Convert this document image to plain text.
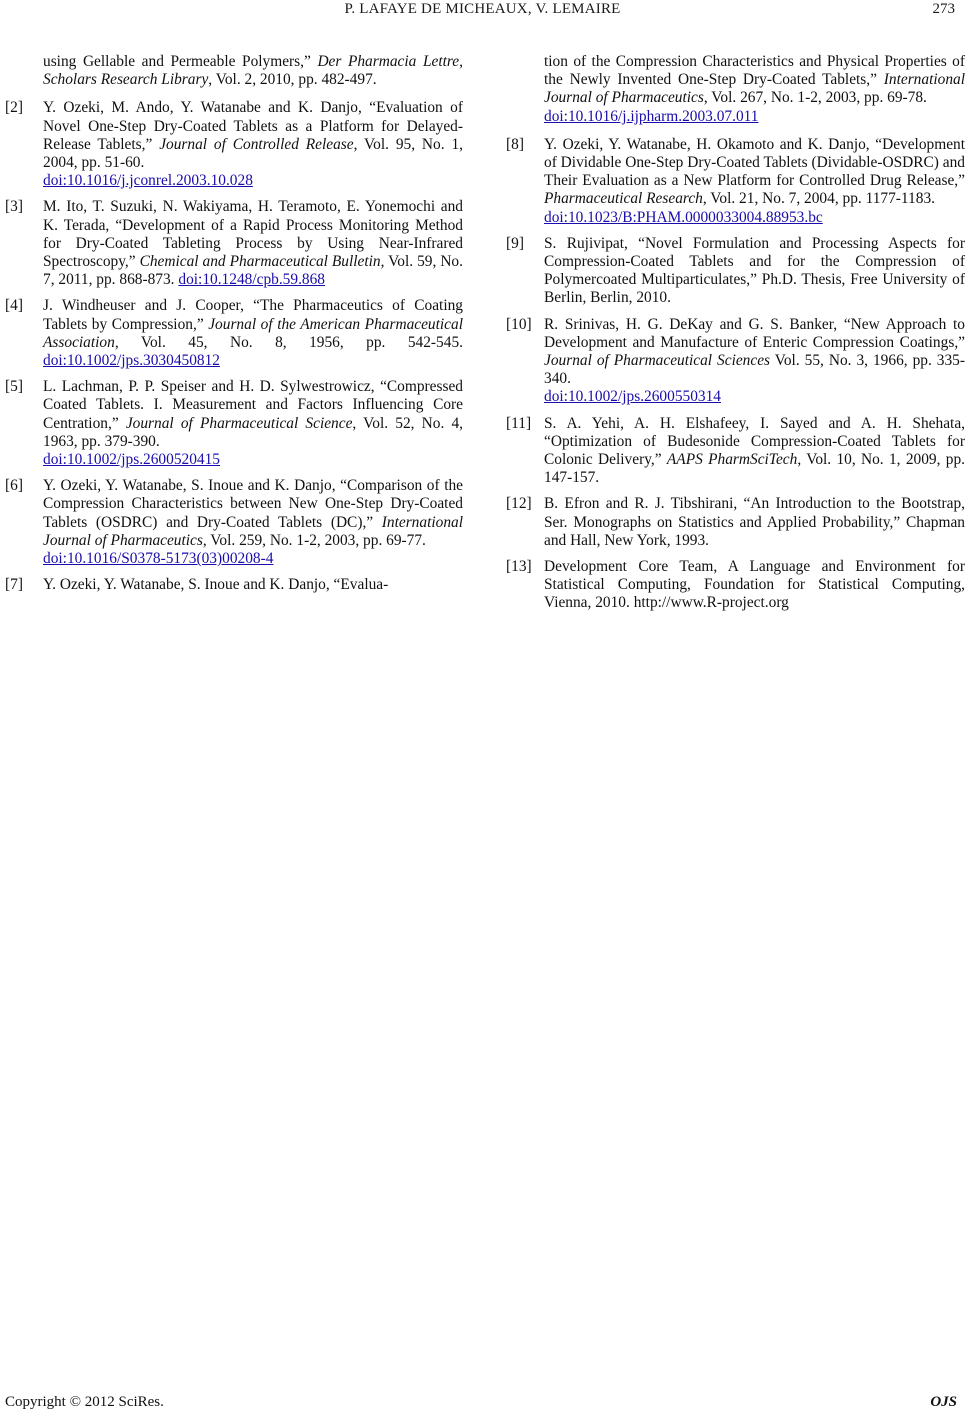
P. LAFAYE DE MICHEAUX, V. LEMAIRE	273
using Gellable and Permeable Polymers,” Der Pharmacia Lettre, Scholars Research Library, Vol. 2, 2010, pp. 482-497.
[2] Y. Ozeki, M. Ando, Y. Watanabe and K. Danjo, “Evaluation of Novel One-Step Dry-Coated Tablets as a Platform for Delayed-Release Tablets,” Journal of Controlled Release, Vol. 95, No. 1, 2004, pp. 51-60.
doi:10.1016/j.jconrel.2003.10.028
[3] M. Ito, T. Suzuki, N. Wakiyama, H. Teramoto, E. Yonemochi and K. Terada, “Development of a Rapid Process Monitoring Method for Dry-Coated Tableting Process by Using Near-Infrared Spectroscopy,” Chemical and Pharmaceutical Bulletin, Vol. 59, No. 7, 2011, pp. 868-873. doi:10.1248/cpb.59.868
[4] J. Windheuser and J. Cooper, “The Pharmaceutics of Coating Tablets by Compression,” Journal of the American Pharmaceutical Association, Vol. 45, No. 8, 1956, pp. 542-545. doi:10.1002/jps.3030450812
[5] L. Lachman, P. P. Speiser and H. D. Sylwestrowicz, “Compressed Coated Tablets. I. Measurement and Factors Influencing Core Centration,” Journal of Pharmaceutical Science, Vol. 52, No. 4, 1963, pp. 379-390.
doi:10.1002/jps.2600520415
[6] Y. Ozeki, Y. Watanabe, S. Inoue and K. Danjo, “Comparison of the Compression Characteristics between New One-Step Dry-Coated Tablets (OSDRC) and Dry-Coated Tablets (DC),” International Journal of Pharmaceutics, Vol. 259, No. 1-2, 2003, pp. 69-77.
doi:10.1016/S0378-5173(03)00208-4
[7] Y. Ozeki, Y. Watanabe, S. Inoue and K. Danjo, “Evalua-
tion of the Compression Characteristics and Physical Properties of the Newly Invented One-Step Dry-Coated Tablets,” International Journal of Pharmaceutics, Vol. 267, No. 1-2, 2003, pp. 69-78.
doi:10.1016/j.ijpharm.2003.07.011
[8] Y. Ozeki, Y. Watanabe, H. Okamoto and K. Danjo, “Development of Dividable One-Step Dry-Coated Tablets (Dividable-OSDRC) and Their Evaluation as a New Platform for Controlled Drug Release,” Pharmaceutical Research, Vol. 21, No. 7, 2004, pp. 1177-1183.
doi:10.1023/B:PHAM.0000033004.88953.bc
[9] S. Rujivipat, “Novel Formulation and Processing Aspects for Compression-Coated Tablets and for the Compression of Polymercoated Multiparticulates,” Ph.D. Thesis, Free University of Berlin, Berlin, 2010.
[10] R. Srinivas, H. G. DeKay and G. S. Banker, “New Approach to Development and Manufacture of Enteric Compression Coatings,” Journal of Pharmaceutical Sciences Vol. 55, No. 3, 1966, pp. 335-340.
doi:10.1002/jps.2600550314
[11] S. A. Yehi, A. H. Elshafeey, I. Sayed and A. H. Shehata, “Optimization of Budesonide Compression-Coated Tablets for Colonic Delivery,” AAPS PharmSciTech, Vol. 10, No. 1, 2009, pp. 147-157.
[12] B. Efron and R. J. Tibshirani, “An Introduction to the Bootstrap, Ser. Monographs on Statistics and Applied Probability,” Chapman and Hall, New York, 1993.
[13] Development Core Team, A Language and Environment for Statistical Computing, Foundation for Statistical Computing, Vienna, 2010. http://www.R-project.org
Copyright © 2012 SciRes.	OJS
